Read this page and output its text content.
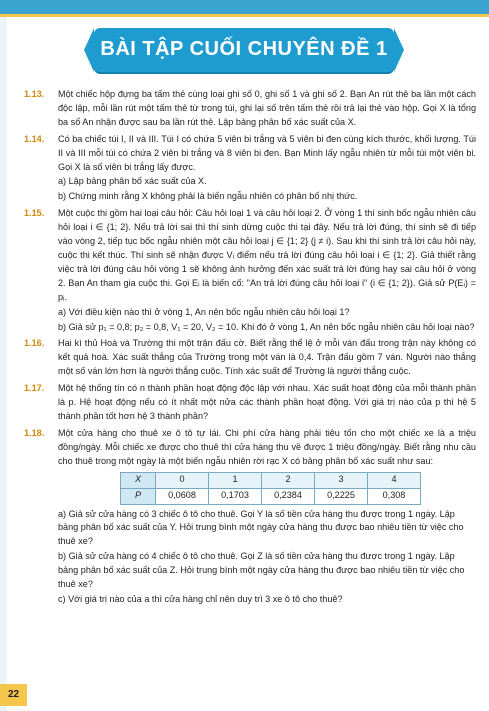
BÀI TẬP CUỐI CHUYÊN ĐỀ 1
1.13. Một chiếc hộp đựng ba tấm thẻ cùng loại ghi số 0, ghi số 1 và ghi số 2. Bạn An rút thẻ ba lần một cách độc lập, mỗi lần rút một tấm thẻ từ trong túi, ghi lại số trên tấm thẻ rồi trả lại thẻ vào hộp. Gọi X là tổng ba số An nhận được sau ba lần rút thẻ. Lập bảng phân bố xác suất của X.
1.14. Có ba chiếc túi I, II và III. Túi I có chứa 5 viên bi trắng và 5 viên bi đen cùng kích thước, khối lượng. Túi II và III mỗi túi có chứa 2 viên bi trắng và 8 viên bi đen. Bạn Minh lấy ngẫu nhiên từ mỗi túi một viên bi. Gọi X là số viên bi trắng lấy được.
a) Lập bảng phân bố xác suất của X.
b) Chứng minh rằng X không phải là biến ngẫu nhiên có phân bố nhị thức.
1.15. Một cuộc thi gồm hai loại câu hỏi: Câu hỏi loại 1 và câu hỏi loại 2. Ở vòng 1 thí sinh bốc ngẫu nhiên câu hỏi loại i ∈ {1; 2}. Nếu trả lời sai thì thí sinh dừng cuộc thi tại đây. Nếu trả lời đúng, thí sinh sẽ đi tiếp vào vòng 2, tiếp tục bốc ngẫu nhiên một câu hỏi loại j ∈ {1; 2} (j ≠ i). Sau khi thí sinh trả lời câu hỏi này, cuộc thi kết thúc. Thí sinh sẽ nhận được Vᵢ điểm nếu trả lời đúng câu hỏi loại i ∈ {1; 2}. Giả thiết rằng việc trả lời đúng câu hỏi vòng 1 sẽ không ảnh hưởng đến xác suất trả lời đúng hay sai câu hỏi ở vòng 2. Bạn An tham gia cuộc thi. Gọi Eᵢ là biến cố: "An trả lời đúng câu hỏi loại i" (i ∈ {1; 2}). Giả sử P(Eᵢ) = pᵢ.
a) Với điều kiện nào thì ở vòng 1, An nên bốc ngẫu nhiên câu hỏi loại 1?
b) Giả sử p₁ = 0,8; p₂ = 0,8, V₁ = 20, V₂ = 10. Khi đó ở vòng 1, An nên bốc ngẫu nhiên câu hỏi loại nào?
1.16. Hai kì thủ Hoà và Trường thi một trận đấu cờ. Biết rằng thể lệ ở mỗi ván đấu trong trận này không có kết quả hoà. Xác suất thắng của Trường trong một ván là 0,4. Trận đấu gồm 7 ván. Người nào thắng một số ván lớn hơn là người thắng cuộc. Tính xác suất để Trường là người thắng cuộc.
1.17. Một hệ thống tín có n thành phần hoạt động độc lập với nhau. Xác suất hoạt động của mỗi thành phần là p. Hệ hoạt động nếu có ít nhất một nửa các thành phần hoạt động. Với giá trị nào của p thì hệ 5 thành phần tốt hơn hệ 3 thành phần?
1.18. Một cửa hàng cho thuê xe ô tô tự lái. Chi phí cửa hàng phải tiêu tốn cho một chiếc xe là a triệu đồng/ngày. Mỗi chiếc xe được cho thuê thì cửa hàng thu về được 1 triệu đồng/ngày. Biết rằng nhu cầu cho thuê trong một ngày là một biến ngẫu nhiên rời rạc X có bảng phân bố xác suất như sau:
X	0	1	2	3	4
P	0,0608	0,1703	0,2384	0,2225	0,308
a) Giả sử cửa hàng có 3 chiếc ô tô cho thuê. Gọi Y là số tiền cửa hàng thu được trong 1 ngày. Lập bảng phân bố xác suất của Y. Hỏi trung bình một ngày cửa hàng thu được bao nhiêu tiền từ việc cho thuê xe?
b) Giả sử cửa hàng có 4 chiếc ô tô cho thuê. Gọi Z là số tiền cửa hàng thu được trong 1 ngày. Lập bảng phân bố xác suất của Z. Hỏi trung bình một ngày cửa hàng thu được bao nhiêu tiền từ việc cho thuê xe?
c) Với giá trị nào của a thì cửa hàng chỉ nên duy trì 3 xe ô tô cho thuê?
22
